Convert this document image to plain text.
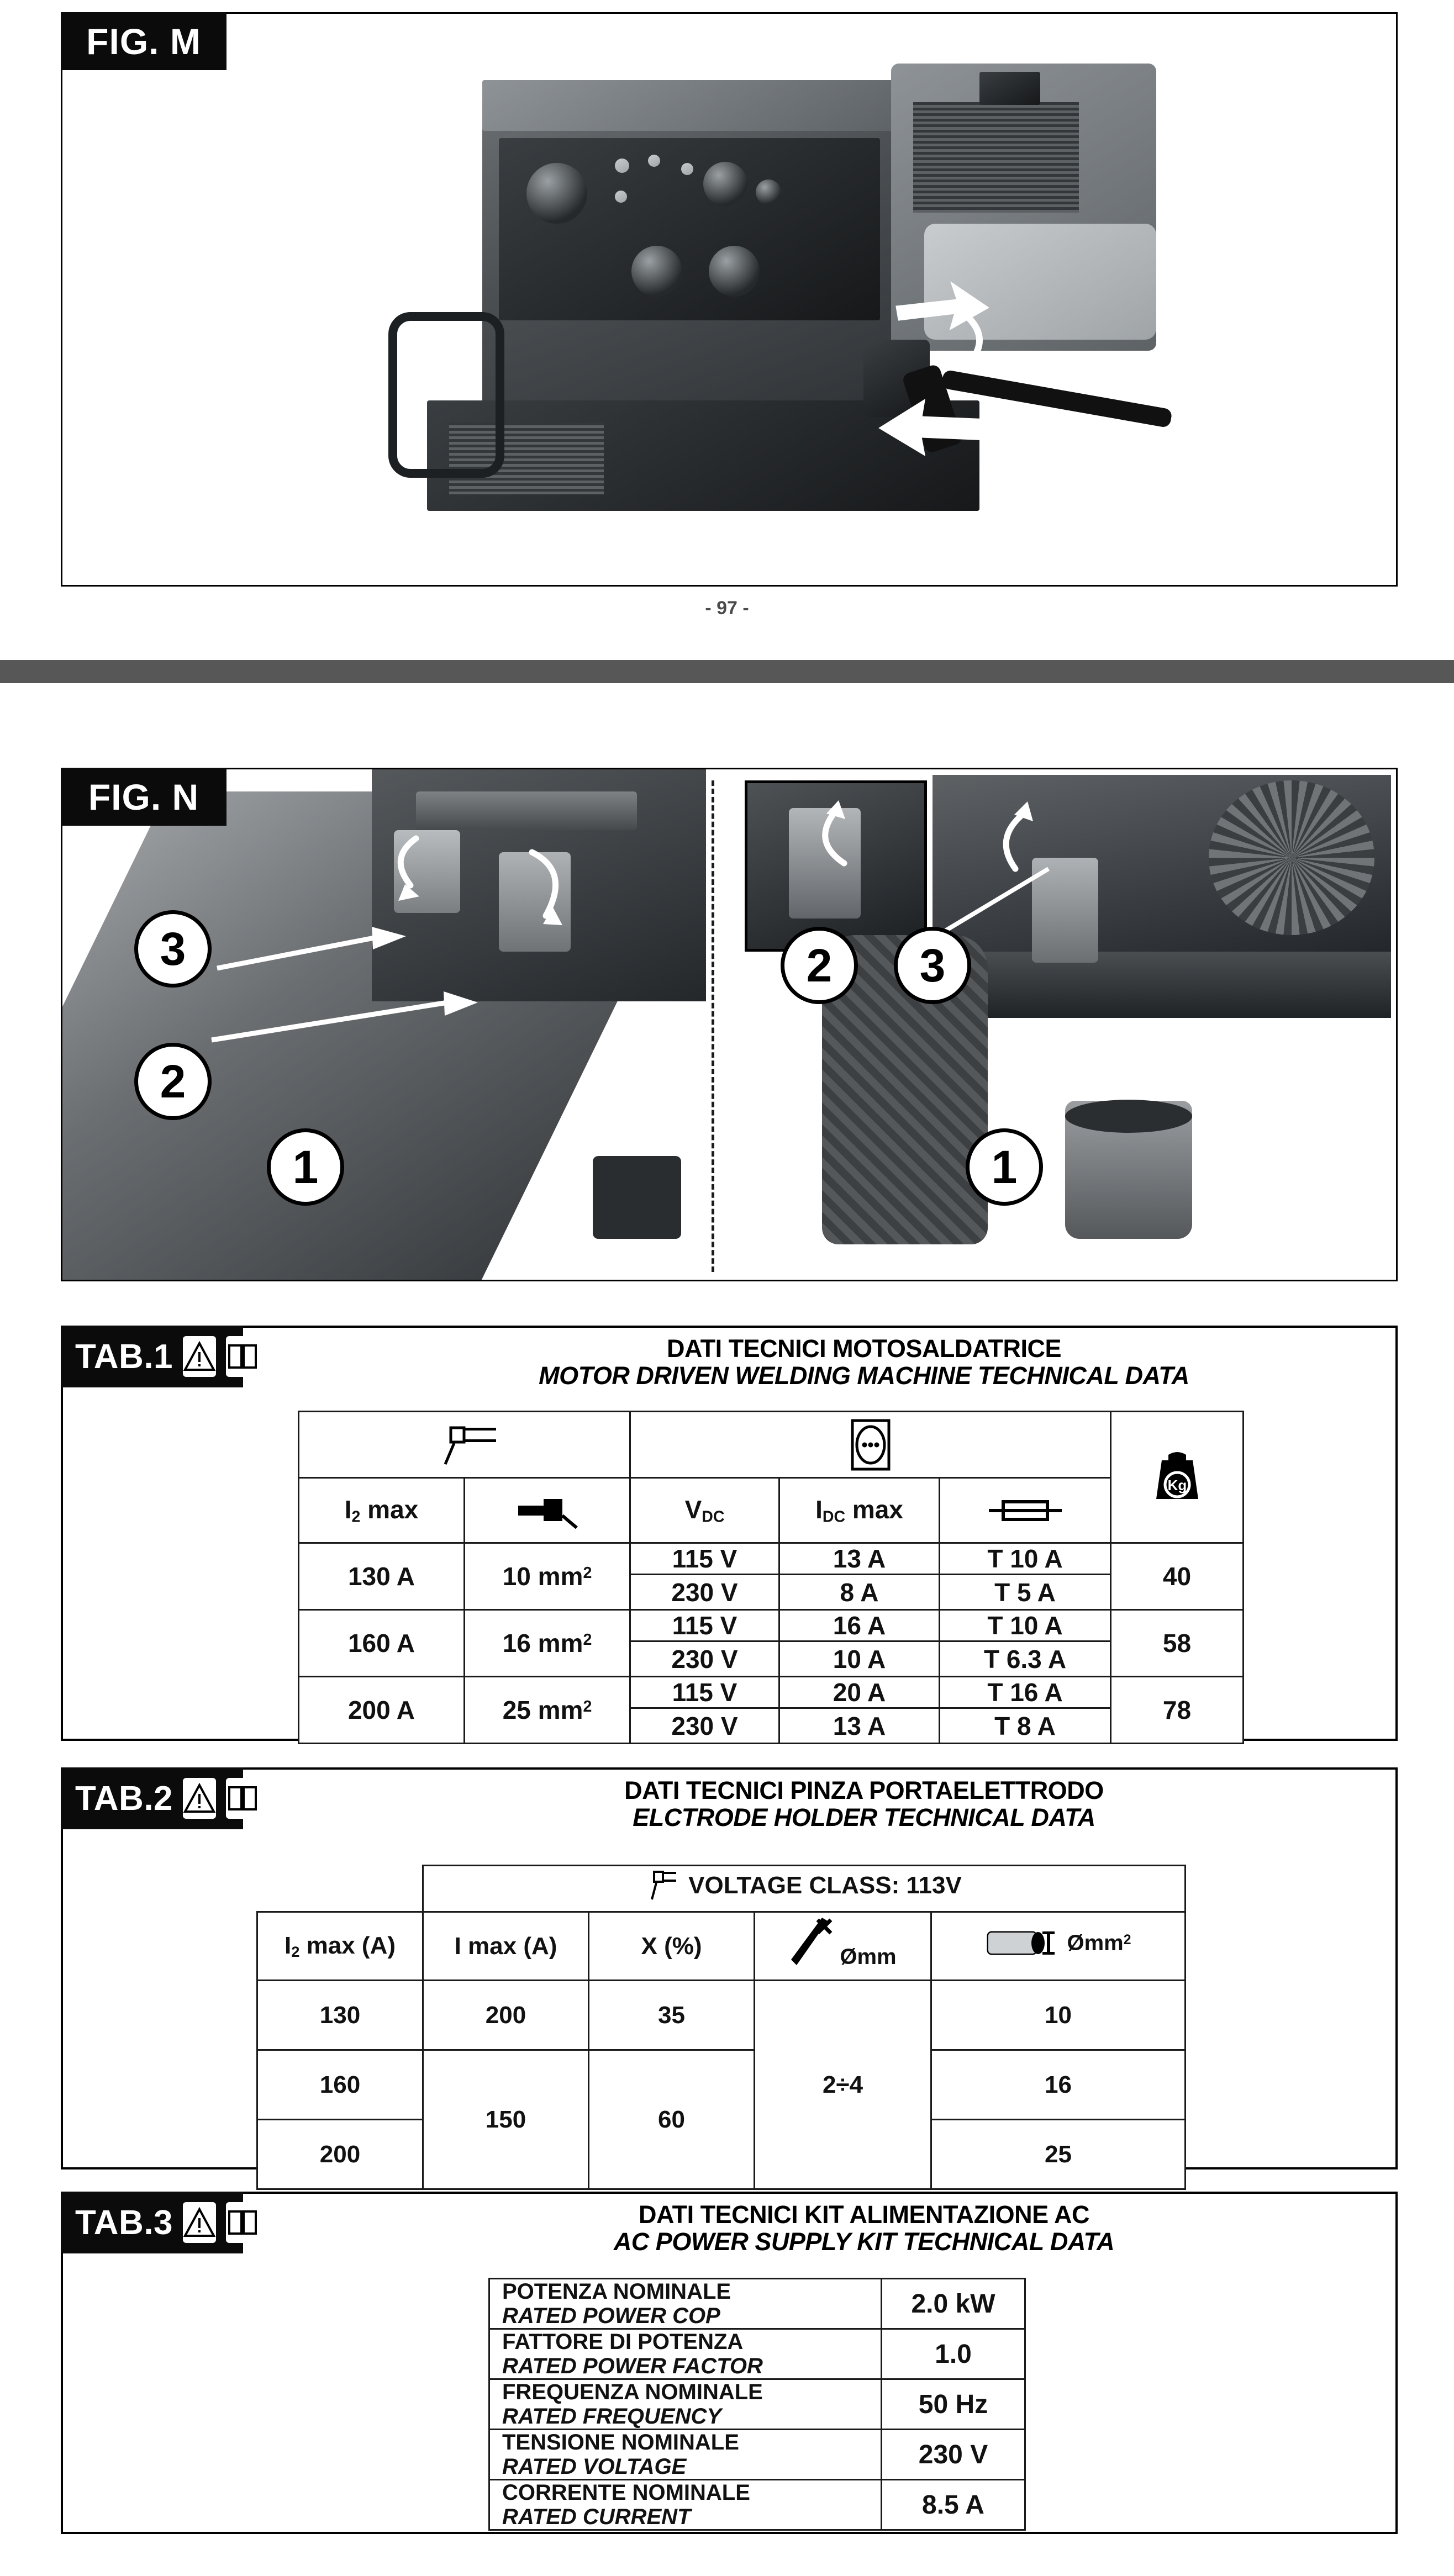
FIG. M
- 97 -
FIG. N
3
2
1
2	3
1
TAB.1	DATI TECNICI MOTOSALDATRICE
MOTOR DRIVEN WELDING MACHINE TECHNICAL DATA

Kg

$I_2$ max		$V_{DC}$	$I_{DC}$ max	

130 A	10 $mm^2$	115 V	13 A	T 10 A	40
		230 V	8 A	T 5 A	
160 A	16 $mm^2$	115 V	16 A	T 10 A	58
		230 V	10 A	T 6.3 A	
200 A	25 $mm^2$	115 V	20 A	T 16 A	78
		230 V	13 A	T 8 A	
TAB.2	DATI TECNICI PINZA PORTAELETTRODO
ELCTRODE HOLDER TECHNICAL DATA

	VOLTAGE CLASS: 113V			

$I_2$ max (A)	I max (A)	X (%)	Ømm	Ømm$^2$

130	200	35	2÷4	10
160	150	60		16
200				25
TAB.3	DATI TECNICI KIT ALIMENTAZIONE AC
AC POWER SUPPLY KIT TECHNICAL DATA
POTENZA NOMINALE
RATED POWER COP	2.0 kW

FATTORE DI POTENZA
RATED POWER FACTOR	1.0

FREQUENZA NOMINALE
RATED FREQUENCY	50 Hz

TENSIONE NOMINALE
RATED VOLTAGE	230 V

CORRENTE NOMINALE
RATED CURRENT	8.5 A
